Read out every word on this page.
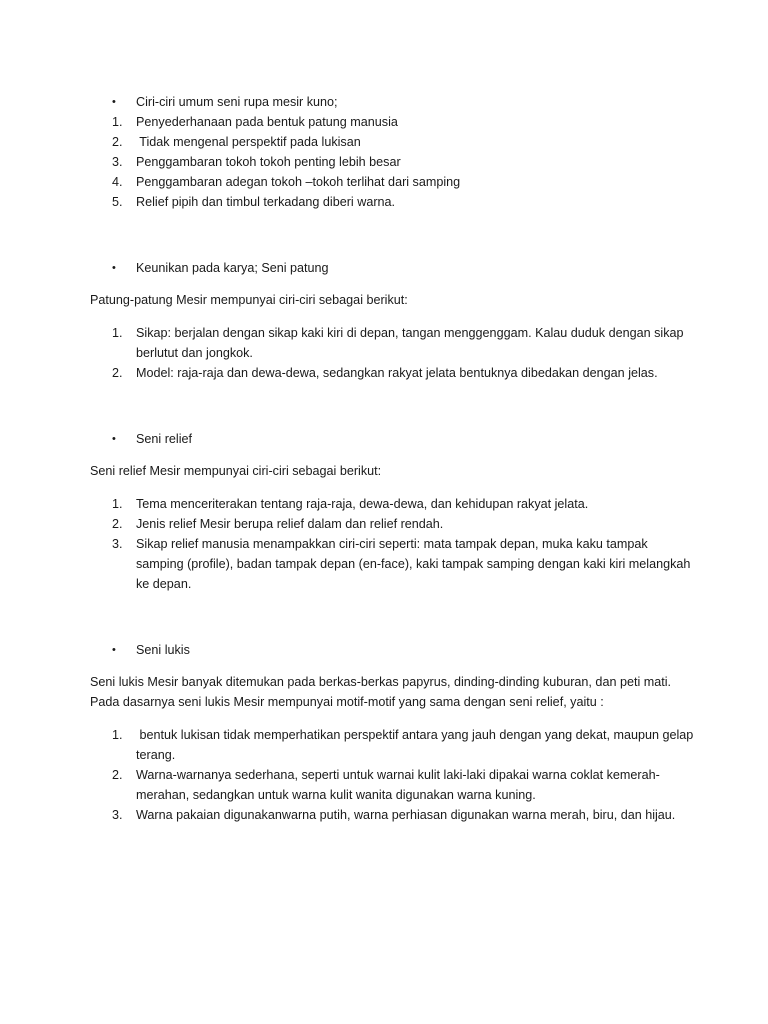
•	Ciri-ciri umum seni rupa mesir kuno;
1.	Penyederhanaan pada bentuk patung manusia
2.	Tidak mengenal perspektif pada lukisan
3.	Penggambaran tokoh tokoh penting lebih besar
4.	Penggambaran adegan tokoh –tokoh terlihat dari samping
5.	Relief pipih dan timbul terkadang diberi warna.
•	Keunikan pada karya; Seni patung

Patung-patung Mesir mempunyai ciri-ciri sebagai berikut:

1.	Sikap: berjalan dengan sikap kaki kiri di depan, tangan menggenggam. Kalau duduk dengan sikap berlutut dan jongkok.
2.	Model: raja-raja dan dewa-dewa, sedangkan rakyat jelata bentuknya dibedakan dengan jelas.
•	Seni relief

Seni relief Mesir mempunyai ciri-ciri sebagai berikut:

1.	Tema menceriterakan tentang raja-raja, dewa-dewa, dan kehidupan rakyat jelata.
2.	Jenis relief Mesir berupa relief dalam dan relief rendah.
3.	Sikap relief manusia menampakkan ciri-ciri seperti: mata tampak depan, muka kaku tampak samping (profile), badan tampak depan (en-face), kaki tampak samping dengan kaki kiri melangkah ke depan.
•	Seni lukis

Seni lukis Mesir banyak ditemukan pada berkas-berkas papyrus, dinding-dinding kuburan, dan peti mati. Pada dasarnya seni lukis Mesir mempunyai motif-motif yang sama dengan seni relief, yaitu :

1.	bentuk lukisan tidak memperhatikan perspektif antara yang jauh dengan yang dekat, maupun gelap terang.
2.	Warna-warnanya sederhana, seperti untuk warnai kulit laki-laki dipakai warna coklat kemerah-merahan, sedangkan untuk warna kulit wanita digunakan warna kuning.
3.	Warna pakaian digunakanwarna putih, warna perhiasan digunakan warna merah, biru, dan hijau.
